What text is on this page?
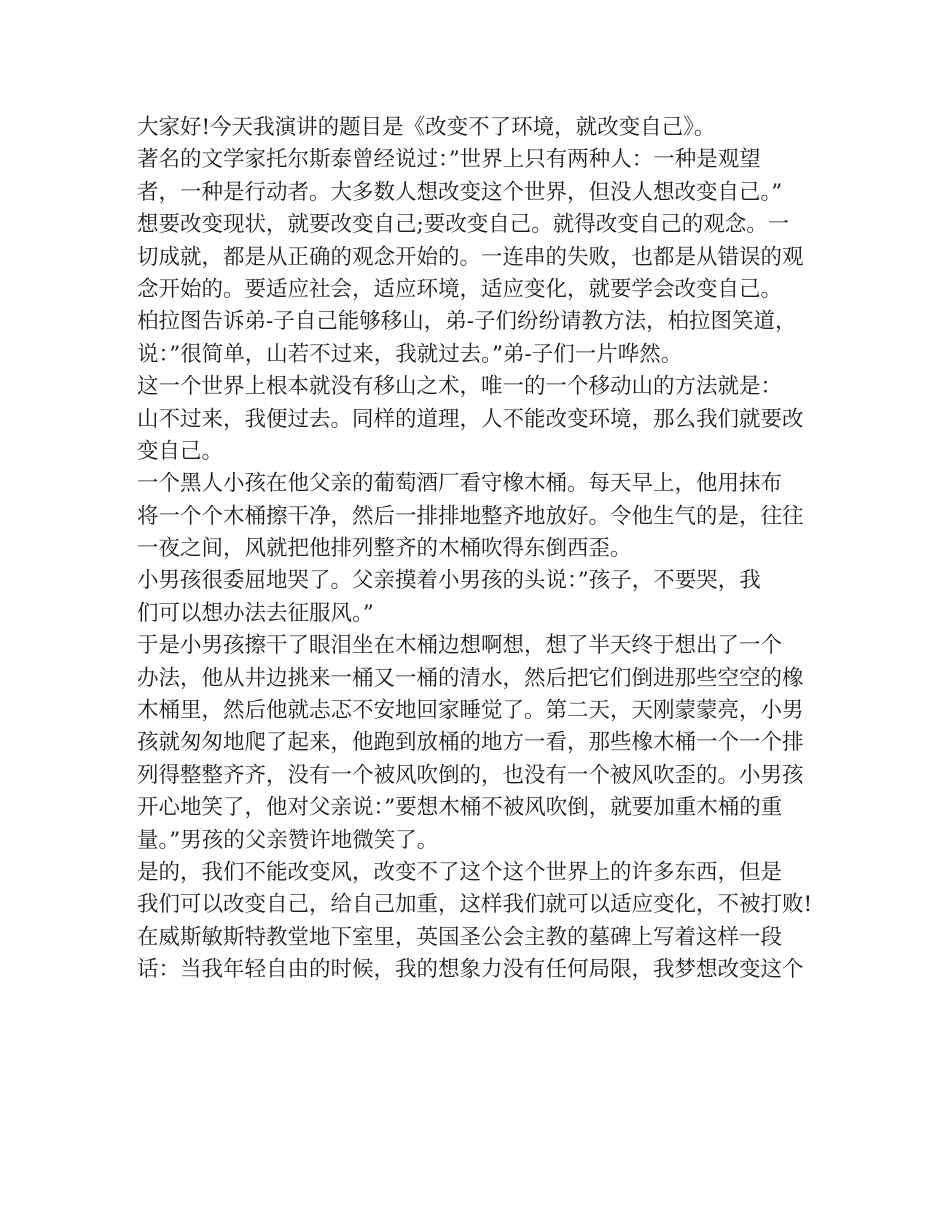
大家好!今天我演讲的题目是《改变不了环境，就改变自己》。
著名的文学家托尔斯泰曾经说过：”世界上只有两种人：一种是观望
者，一种是行动者。大多数人想改变这个世界，但没人想改变自己。”
想要改变现状，就要改变自己;要改变自己。就得改变自己的观念。一
切成就，都是从正确的观念开始的。一连串的失败，也都是从错误的观
念开始的。要适应社会，适应环境，适应变化，就要学会改变自己。
柏拉图告诉弟-子自己能够移山，弟-子们纷纷请教方法，柏拉图笑道，
说：”很简单，山若不过来，我就过去。”弟-子们一片哗然。
这一个世界上根本就没有移山之术，唯一的一个移动山的方法就是：
山不过来，我便过去。同样的道理，人不能改变环境，那么我们就要改
变自己。
一个黑人小孩在他父亲的葡萄酒厂看守橡木桶。每天早上，他用抹布
将一个个木桶擦干净，然后一排排地整齐地放好。令他生气的是，往往
一夜之间，风就把他排列整齐的木桶吹得东倒西歪。
小男孩很委屈地哭了。父亲摸着小男孩的头说：”孩子，不要哭，我
们可以想办法去征服风。”
于是小男孩擦干了眼泪坐在木桶边想啊想，想了半天终于想出了一个
办法，他从井边挑来一桶又一桶的清水，然后把它们倒进那些空空的橡
木桶里，然后他就忐忑不安地回家睡觉了。第二天，天刚蒙蒙亮，小男
孩就匆匆地爬了起来，他跑到放桶的地方一看，那些橡木桶一个一个排
列得整整齐齐，没有一个被风吹倒的，也没有一个被风吹歪的。小男孩
开心地笑了，他对父亲说：”要想木桶不被风吹倒，就要加重木桶的重
量。”男孩的父亲赞许地微笑了。
是的，我们不能改变风，改变不了这个这个世界上的许多东西，但是
我们可以改变自己，给自己加重，这样我们就可以适应变化，不被打败!
在威斯敏斯特教堂地下室里，英国圣公会主教的墓碑上写着这样一段
话：当我年轻自由的时候，我的想象力没有任何局限，我梦想改变这个
